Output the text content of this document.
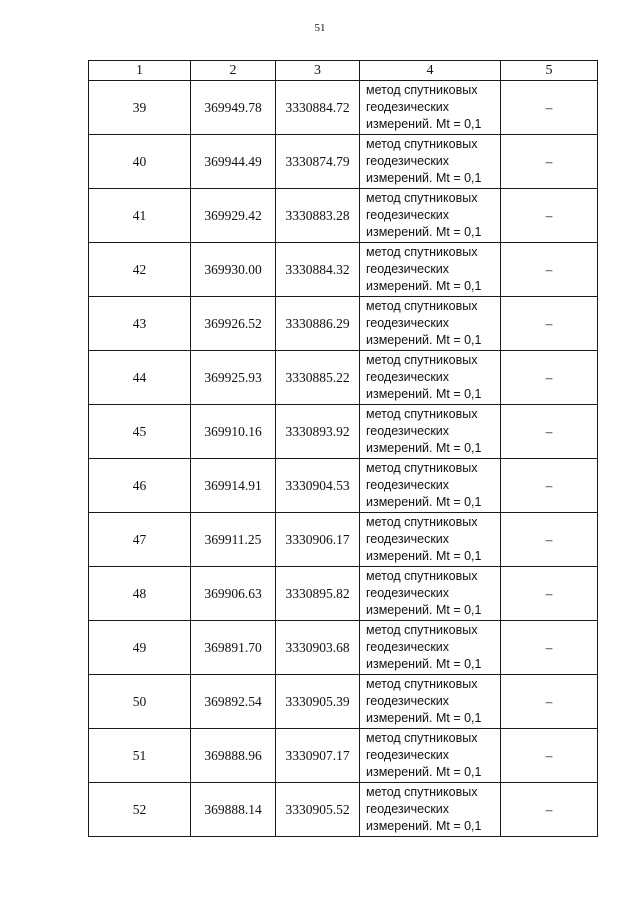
51
1	2	3	4	5
39	369949.78	3330884.72	метод спутниковых
геодезических
измерений. Mt = 0,1	–
40	369944.49	3330874.79	метод спутниковых
геодезических
измерений. Mt = 0,1	–
41	369929.42	3330883.28	метод спутниковых
геодезических
измерений. Mt = 0,1	–
42	369930.00	3330884.32	метод спутниковых
геодезических
измерений. Mt = 0,1	–
43	369926.52	3330886.29	метод спутниковых
геодезических
измерений. Mt = 0,1	–
44	369925.93	3330885.22	метод спутниковых
геодезических
измерений. Mt = 0,1	–
45	369910.16	3330893.92	метод спутниковых
геодезических
измерений. Mt = 0,1	–
46	369914.91	3330904.53	метод спутниковых
геодезических
измерений. Mt = 0,1	–
47	369911.25	3330906.17	метод спутниковых
геодезических
измерений. Mt = 0,1	–
48	369906.63	3330895.82	метод спутниковых
геодезических
измерений. Mt = 0,1	–
49	369891.70	3330903.68	метод спутниковых
геодезических
измерений. Mt = 0,1	–
50	369892.54	3330905.39	метод спутниковых
геодезических
измерений. Mt = 0,1	–
51	369888.96	3330907.17	метод спутниковых
геодезических
измерений. Mt = 0,1	–
52	369888.14	3330905.52	метод спутниковых
геодезических
измерений. Mt = 0,1	–
